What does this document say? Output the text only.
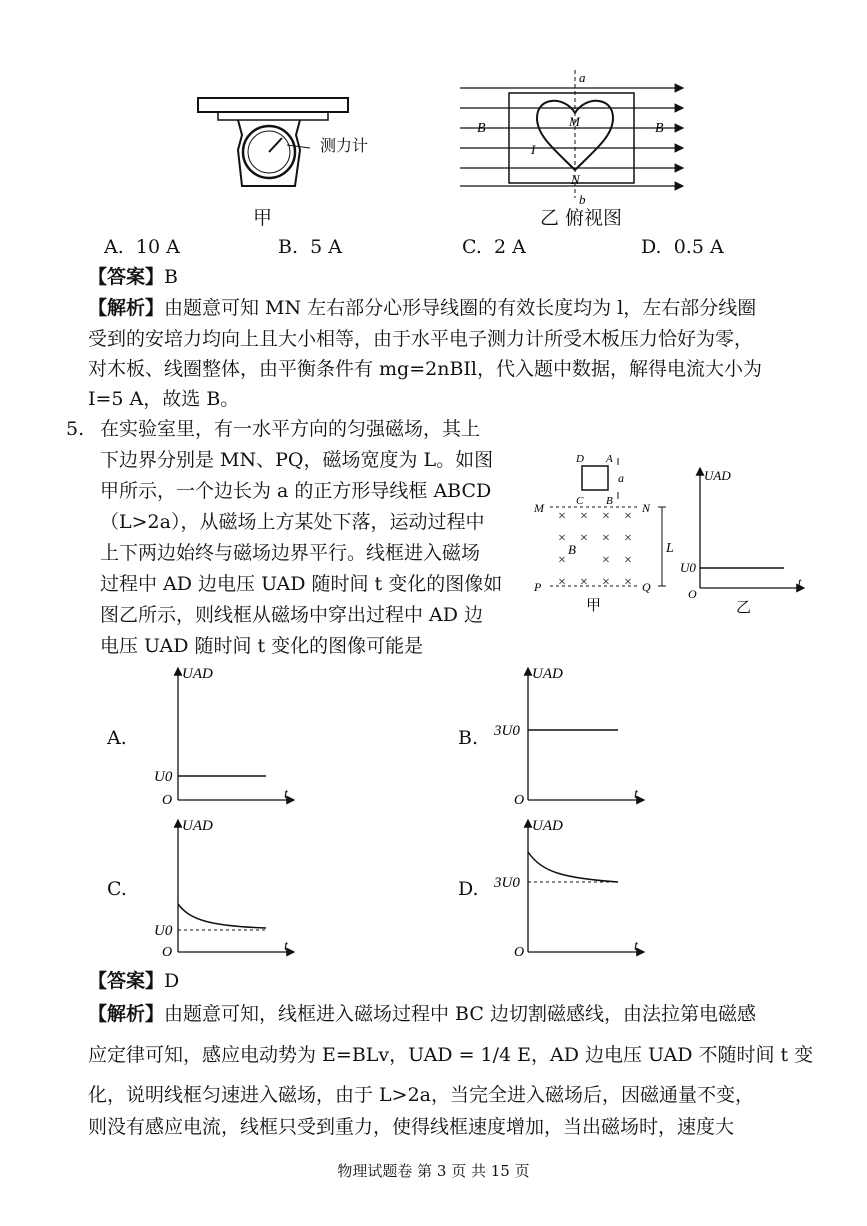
测力计
甲
a
b
B	B
M
N
I
乙 俯视图
A. 10 A	B. 5 A	C. 2 A	D. 0.5 A
【答案】B
【解析】由题意可知 MN 左右部分心形导线圈的有效长度均为 l，左右部分线圈
受到的安培力均向上且大小相等，由于水平电子测力计所受木板压力恰好为零，
对木板、线圈整体，由平衡条件有 mg=2nBIl，代入题中数据，解得电流大小为
I=5 A，故选 B。
5. 在实验室里，有一水平方向的匀强磁场，其上
下边界分别是 MN、PQ，磁场宽度为 L。如图
甲所示，一个边长为 a 的正方形导线框 ABCD
（L>2a），从磁场上方某处下落，运动过程中
上下两边始终与磁场边界平行。线框进入磁场
过程中 AD 边电压 UAD 随时间 t 变化的图像如
图乙所示，则线框从磁场中穿出过程中 AD 边
电压 UAD 随时间 t 变化的图像可能是
D A
C B
a
M	N
P	Q
L
× × × ×
× × × ×
×	× ×
× × × ×
B
甲
UAD
U0
O
t
乙
A.
UAD
U0
O	t
B.
UAD
3U0
O	t
C.
UAD
U0
O	t
D.
UAD
3U0
O	t
【答案】D
【解析】由题意可知，线框进入磁场过程中 BC 边切割磁感线，由法拉第电磁感
应定律可知，感应电动势为 E=BLv，UAD = 1/4 E，AD 边电压 UAD 不随时间 t 变
化，说明线框匀速进入磁场，由于 L>2a，当完全进入磁场后，因磁通量不变，
则没有感应电流，线框只受到重力，使得线框速度增加，当出磁场时，速度大
物理试题卷 第 3 页 共 15 页
